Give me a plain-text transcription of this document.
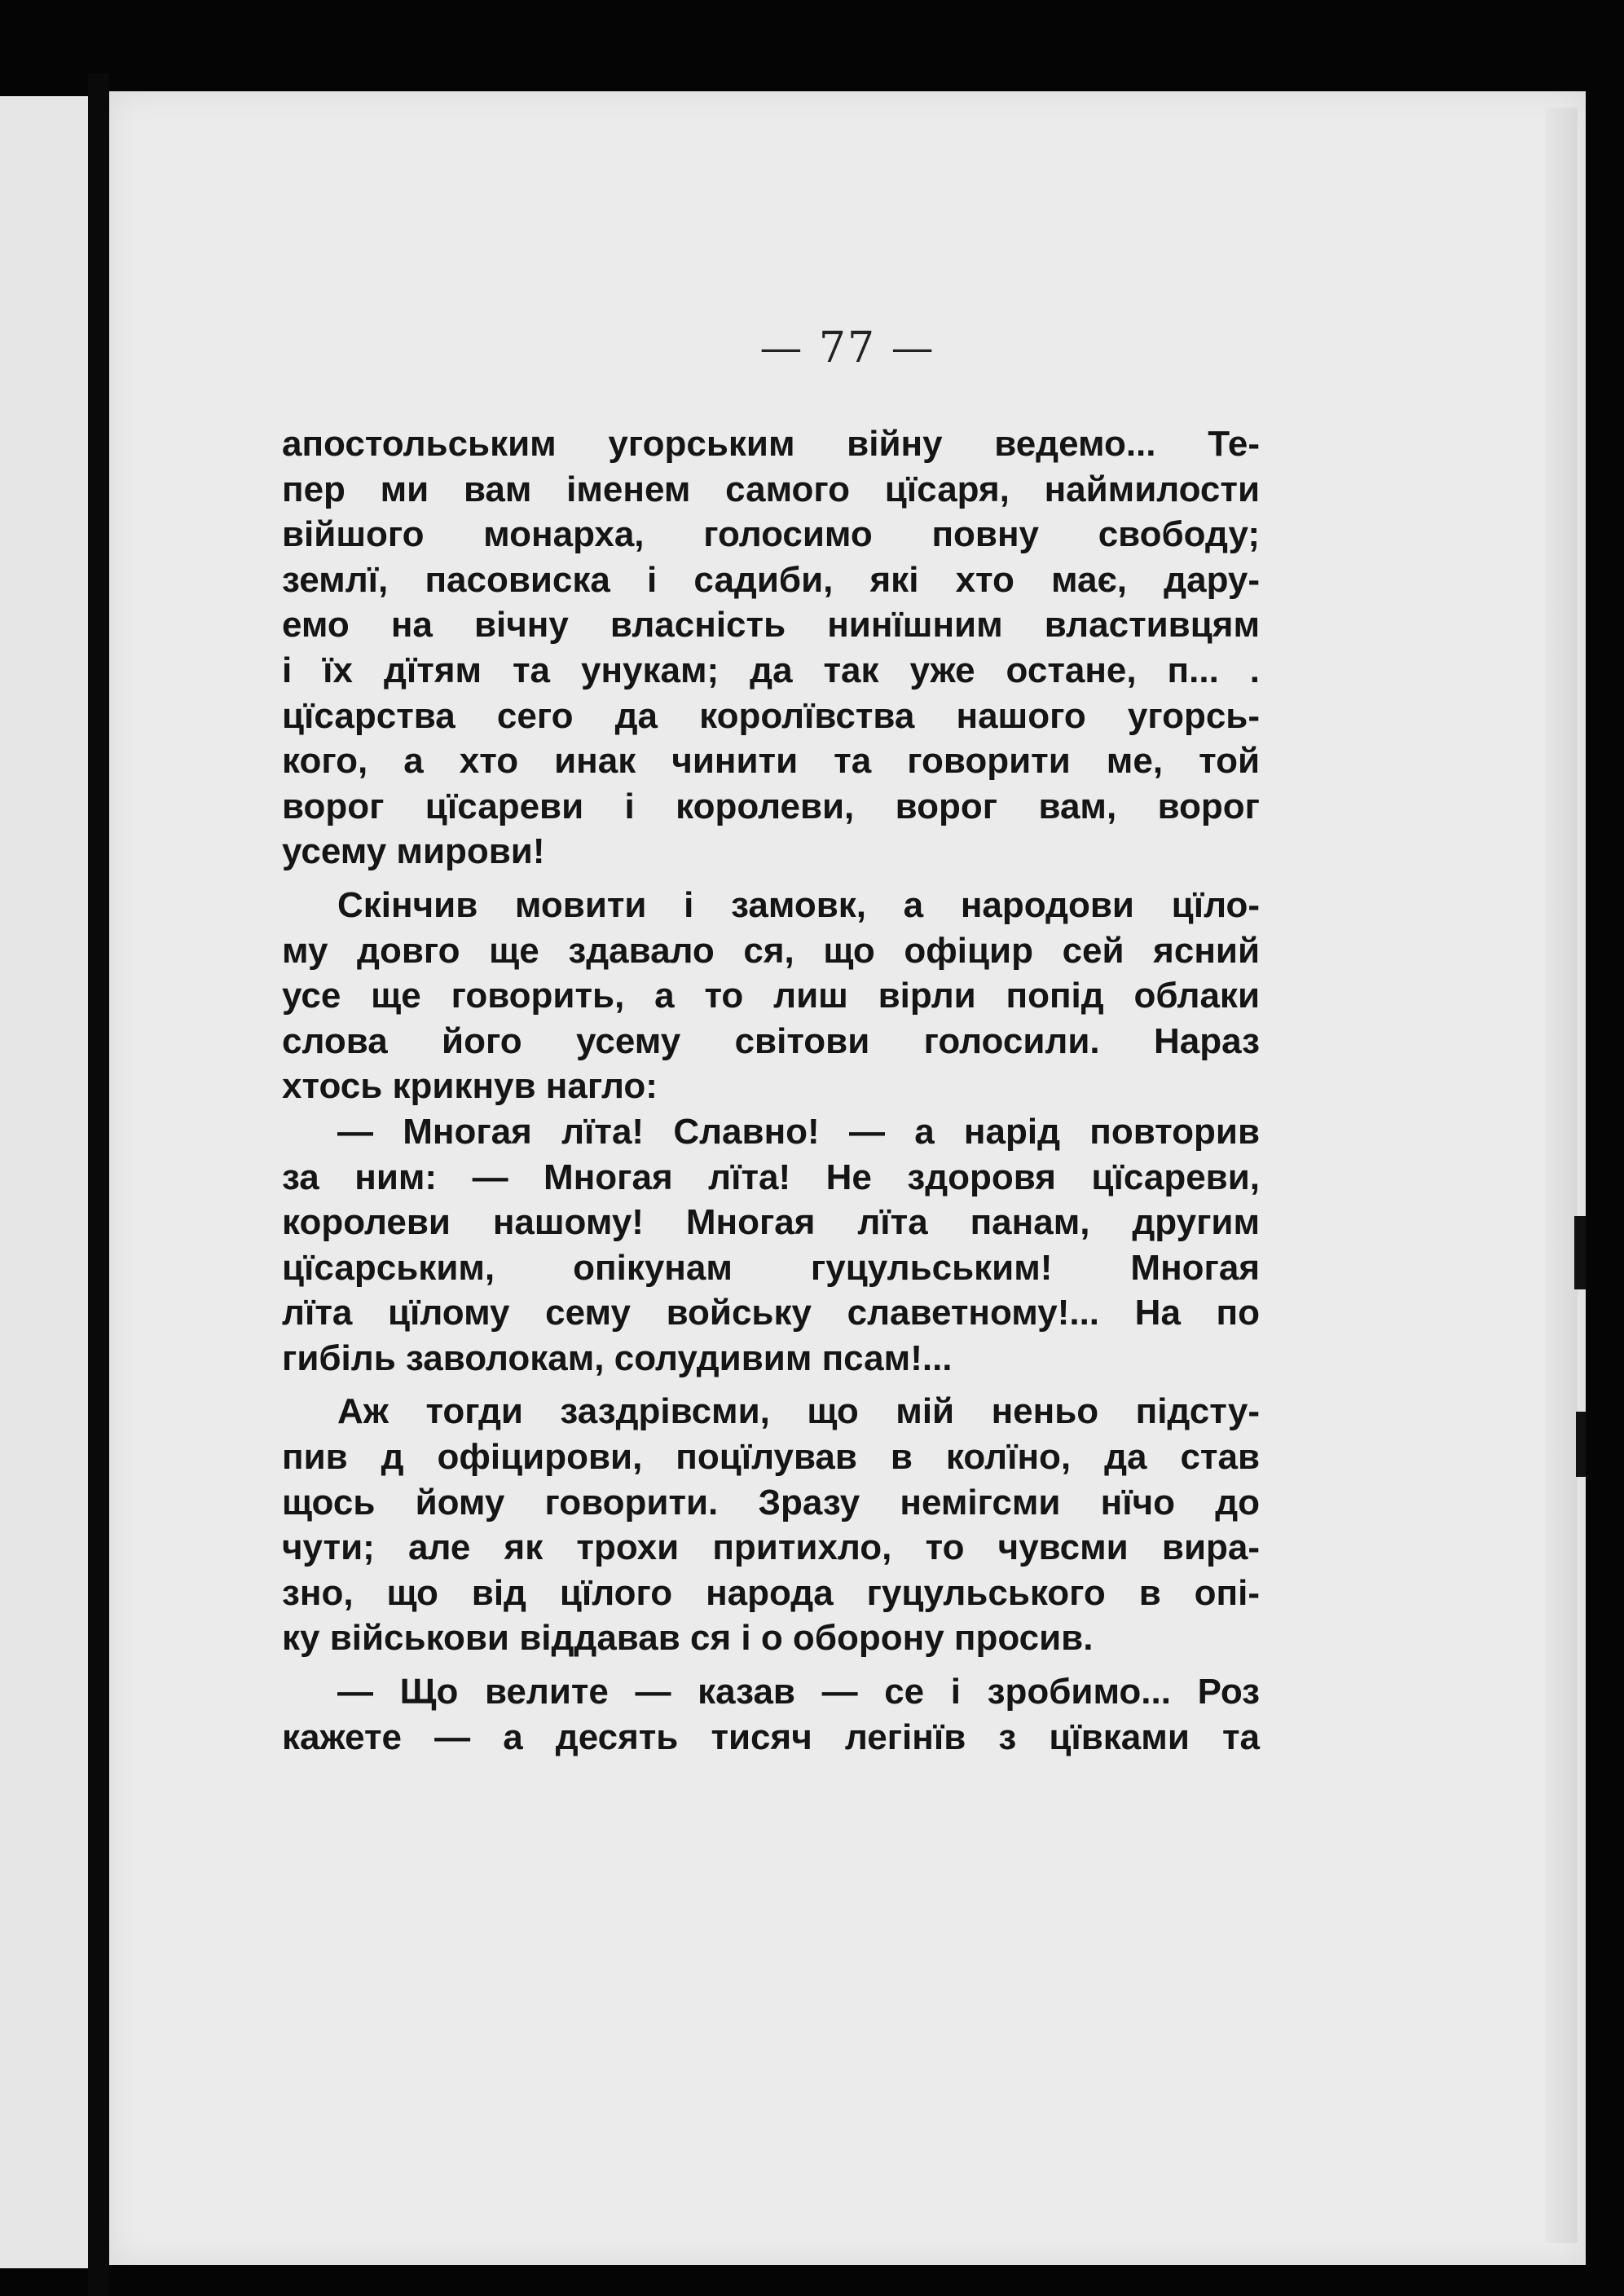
— 77 —
апостольським угорським війну ведемо... Те-
пер ми вам іменем самого цїсаря, наймилости
війшого монарха, голосимо повну свободу;
землї, пасовиска і садиби, які хто має, дару-
емо на вічну власність нинїшним властивцям
і їх дїтям та унукам; да так уже остане, п... .
цїсарства сего да королївства нашого угорсь-
кого, а хто инак чинити та говорити ме, той
ворог цїсареви і королеви, ворог вам, ворог
усему мирови!
Скінчив мовити і замовк, а народови цїло-
му довго ще здавало ся, що офіцир сей ясний
усе ще говорить, а то лиш вірли попід облаки
слова його усему світови голосили. Нараз
хтось крикнув нагло:
— Многая лїта! Славно! — а нарід повторив
за ним: — Многая лїта! Не здоровя цїсареви,
королеви нашому! Многая лїта панам, другим
цїсарським, опікунам гуцульським! Многая
лїта цїлому сему войську славетному!... На по
гибіль заволокам, солудивим псам!...
Аж тогди заздрівсми, що мій неньо підсту-
пив д офіцирови, поцїлував в колїно, да став
щось йому говорити. Зразу немігсми нїчо до
чути; але як трохи притихло, то чувсми вира-
зно, що від цїлого народа гуцульського в опі-
ку військови віддавав ся і о оборону просив.
— Що велите — казав — се і зробимо... Роз
кажете — а десять тисяч легінїв з цївками та
